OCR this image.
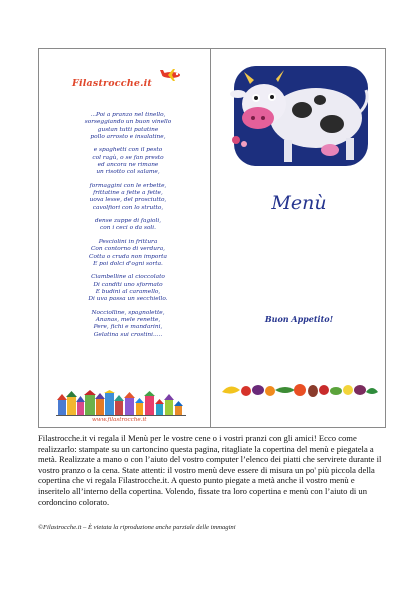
Filastrocche.it
...Poi a pranzo nel tinello,
sorseggiando un buon vinello
gustan tutti patatine
pollo arrosto e insalatine,
e spaghetti con il pesto
col ragù, o se fan presto
ed ancora ne rimane
un risotto col salame,
formaggini con le erbette,
frittatine a fette a fette,
uova lesse, del prosciutto,
cavolfiori con lo strutto,
dense zuppe di fagioli,
con i ceci o da soli.
Pesciolini in frittura
Con contorno di verdura,
Cotta o cruda non importa
E poi dolci d'ogni sorta.
Ciambelline al cioccolato
Di canditi uno sformato
E budini al caramello,
Di uva passa un secchiello.
Nocciolline, spagnolette,
Ananas, mele renette,
Pere, fichi e mandarini,
Gelatina sui crostini.....
www.filastrocche.it
Menù
Buon Appetito!
Filastrocche.it vi regala il Menù per le vostre cene o i vostri pranzi con gli amici! Ecco come realizzarlo: stampate su un cartoncino questa pagina, ritagliate la copertina del menù e piegatela a metà. Realizzate a mano o con l’aiuto del vostro computer l’elenco dei piatti che servirete durante il vostro pranzo o la cena. State attenti: il vostro menù deve essere di misura un po' più piccola della copertina che vi regala Filastrocche.it. A questo punto piegate a metà anche il vostro menù e inseritelo all’interno della copertina. Volendo, fissate tra loro copertina e menù con l’aiuto di un cordoncino colorato.
©Filastrocche.it – È vietata la riproduzione anche parziale delle immagini
